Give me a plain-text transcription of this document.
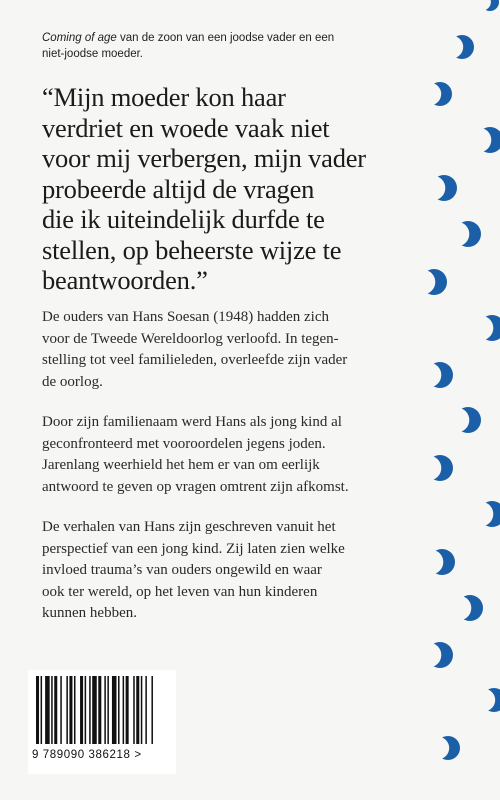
Coming of age van de zoon van een joodse vader en een
niet-joodse moeder.
“Mijn moeder kon haar
verdriet en woede vaak niet
voor mij verbergen, mijn vader
probeerde altijd de vragen
die ik uiteindelijk durfde te
stellen, op beheerste wijze te
beantwoorden.”
De ouders van Hans Soesan (1948) hadden zich
voor de Tweede Wereldoorlog verloofd. In tegen-
stelling tot veel familieleden, overleefde zijn vader
de oorlog.
Door zijn familienaam werd Hans als jong kind al
geconfronteerd met vooroordelen jegens joden.
Jarenlang weerhield het hem er van om eerlijk
antwoord te geven op vragen omtrent zijn afkomst.
De verhalen van Hans zijn geschreven vanuit het
perspectief van een jong kind. Zij laten zien welke
invloed trauma’s van ouders ongewild en waar
ook ter wereld, op het leven van hun kinderen
kunnen hebben.
9 789090 386218 >
